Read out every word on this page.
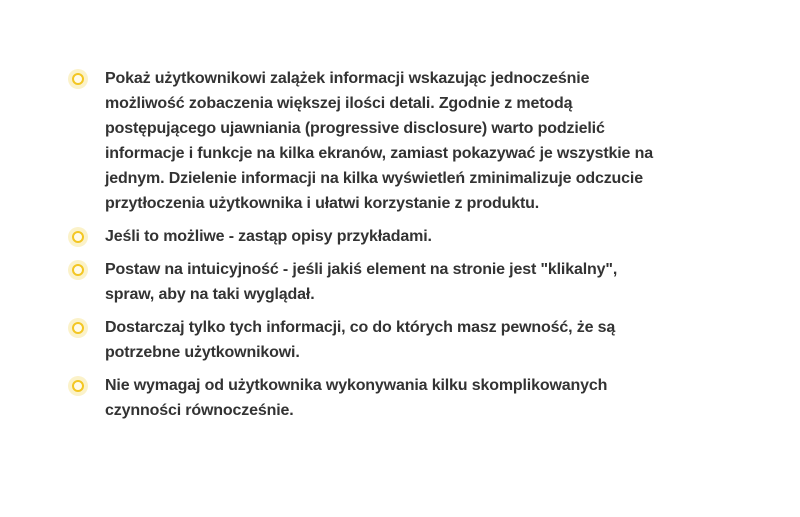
Pokaż użytkownikowi zalążek informacji wskazując jednocześnie możliwość zobaczenia większej ilości detali. Zgodnie z metodą postępującego ujawniania (progressive disclosure) warto podzielić informacje i funkcje na kilka ekranów, zamiast pokazywać je wszystkie na jednym. Dzielenie informacji na kilka wyświetleń zminimalizuje odczucie przytłoczenia użytkownika i ułatwi korzystanie z produktu.
Jeśli to możliwe - zastąp opisy przykładami.
Postaw na intuicyjność - jeśli jakiś element na stronie jest "klikalny", spraw, aby na taki wyglądał.
Dostarczaj tylko tych informacji, co do których masz pewność, że są potrzebne użytkownikowi.
Nie wymagaj od użytkownika wykonywania kilku skomplikowanych czynności równocześnie.
